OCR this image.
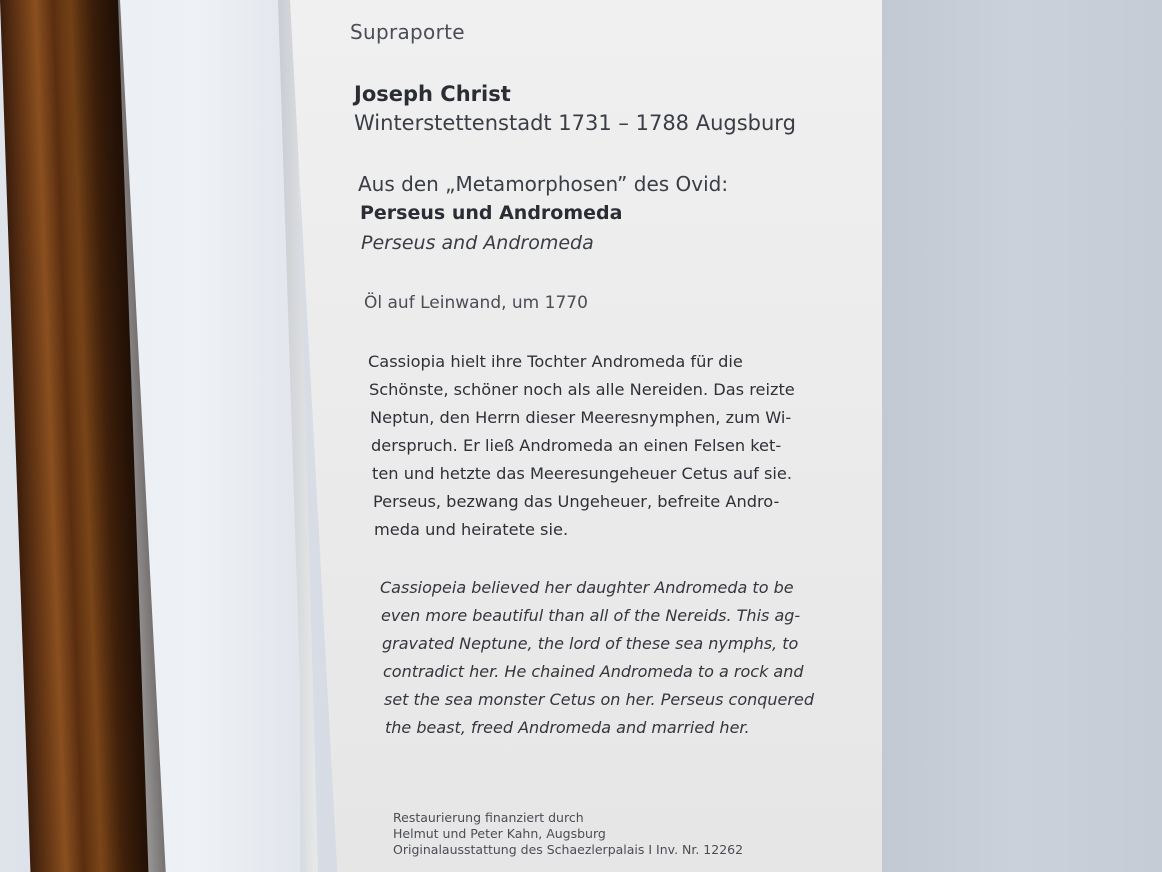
Supraporte

Joseph Christ

Winterstettenstadt 1731 – 1788 Augsburg

Aus den „Metamorphosen” des Ovid:

Perseus und Andromeda

Perseus and Andromeda

Öl auf Leinwand, um 1770

Cassiopia hielt ihre Tochter Andromeda für die
Schönste, schöner noch als alle Nereiden. Das reizte
Neptun, den Herrn dieser Meeresnymphen, zum Wi-
derspruch. Er ließ Andromeda an einen Felsen ket-
ten und hetzte das Meeresungeheuer Cetus auf sie.
Perseus, bezwang das Ungeheuer, befreite Andro-
meda und heiratete sie.
Cassiopeia believed her daughter Andromeda to be
even more beautiful than all of the Nereids. This ag-
gravated Neptune, the lord of these sea nymphs, to
contradict her. He chained Andromeda to a rock and
set the sea monster Cetus on her. Perseus conquered
the beast, freed Andromeda and married her.
Restaurierung finanziert durch
Helmut und Peter Kahn, Augsburg
Originalausstattung des Schaezlerpalais I Inv. Nr. 12262
